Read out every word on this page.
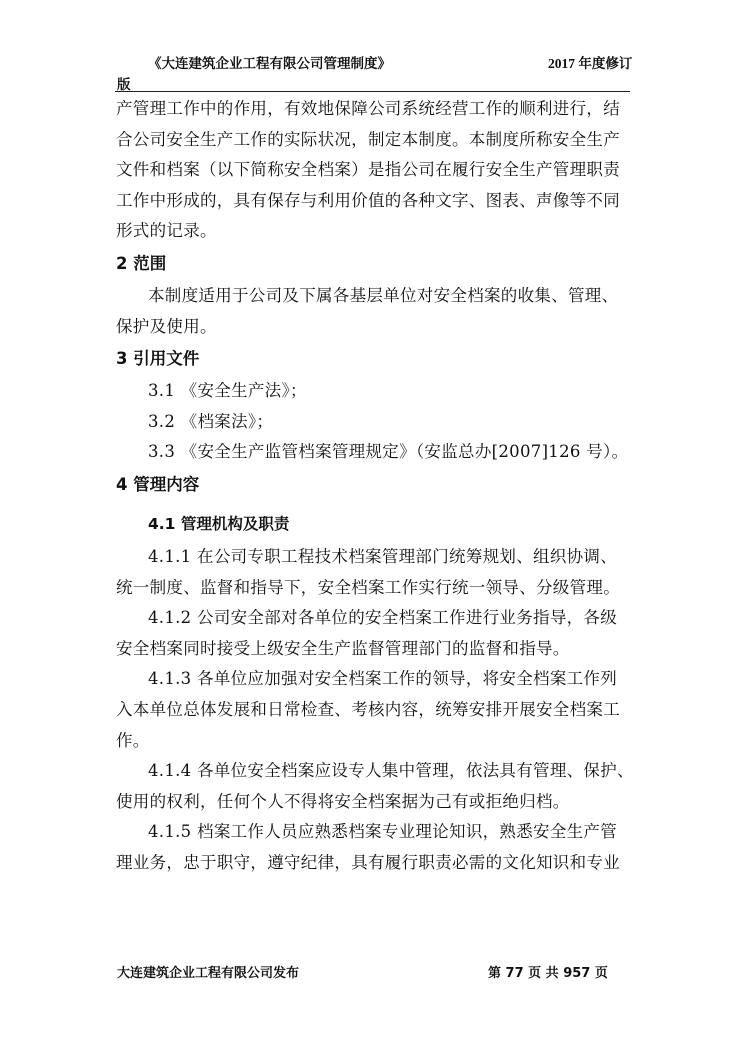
《大连建筑企业工程有限公司管理制度》	2017 年度修订
版
产管理工作中的作用，有效地保障公司系统经营工作的顺利进行，结
合公司安全生产工作的实际状况，制定本制度。本制度所称安全生产
文件和档案（以下简称安全档案）是指公司在履行安全生产管理职责
工作中形成的，具有保存与利用价值的各种文字、图表、声像等不同
形式的记录。
2 范围
本制度适用于公司及下属各基层单位对安全档案的收集、管理、
保护及使用。
3 引用文件
3.1 《安全生产法》；
3.2 《档案法》；
3.3 《安全生产监管档案管理规定》（安监总办[2007]126 号）。
4 管理内容
4.1 管理机构及职责
4.1.1 在公司专职工程技术档案管理部门统筹规划、组织协调、
统一制度、监督和指导下，安全档案工作实行统一领导、分级管理。
4.1.2 公司安全部对各单位的安全档案工作进行业务指导，各级
安全档案同时接受上级安全生产监督管理部门的监督和指导。
4.1.3 各单位应加强对安全档案工作的领导，将安全档案工作列
入本单位总体发展和日常检查、考核内容，统筹安排开展安全档案工
作。
4.1.4 各单位安全档案应设专人集中管理，依法具有管理、保护、
使用的权利，任何个人不得将安全档案据为己有或拒绝归档。
4.1.5 档案工作人员应熟悉档案专业理论知识，熟悉安全生产管
理业务，忠于职守，遵守纪律，具有履行职责必需的文化知识和专业
大连建筑企业工程有限公司发布	第 77 页 共 957 页
